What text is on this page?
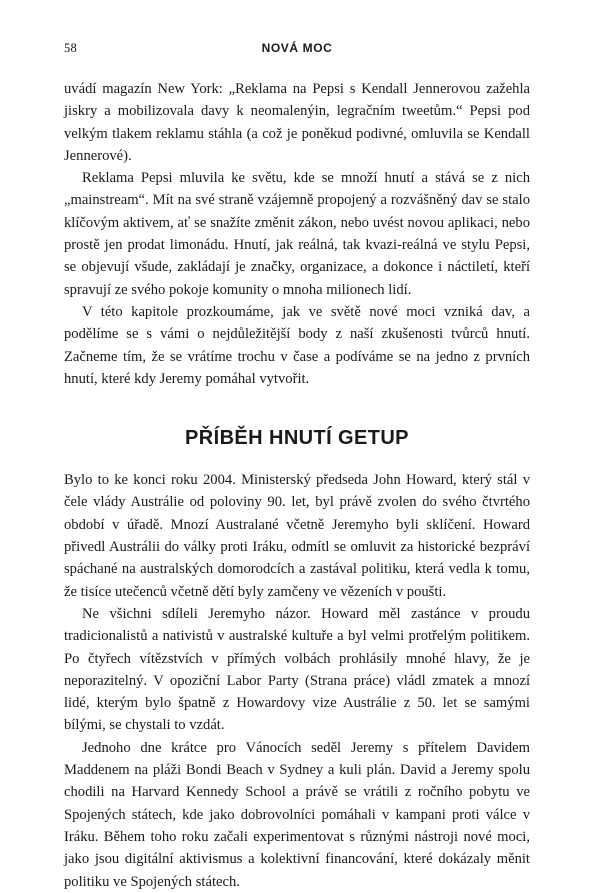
58	NOVÁ MOC

uvádí magazín New York: „Reklama na Pepsi s Kendall Jennerovou zažehla jiskry a mobilizovala davy k neomalenýin, legračním tweetům.“ Pepsi pod velkým tlakem reklamu stáhla (a což je poněkud podivné, omluvila se Kendall Jennerové).

Reklama Pepsi mluvila ke světu, kde se množí hnutí a stává se z nich „mainstream“. Mít na své straně vzájemně propojený a rozvášněný dav se stalo klíčovým aktivem, ať se snažíte změnit zákon, nebo uvést novou aplikaci, nebo prostě jen prodat limonádu. Hnutí, jak reálná, tak kvazi-reálná ve stylu Pepsi, se objevují všude, zakládají je značky, organizace, a dokonce i náctiletí, kteří spravují ze svého pokoje komunity o mnoha milionech lidí.

V této kapitole prozkoumáme, jak ve světě nové moci vzniká dav, a podělíme se s vámi o nejdůležitější body z naší zkušenosti tvůrců hnutí. Začneme tím, že se vrátíme trochu v čase a podíváme se na jedno z prvních hnutí, které kdy Jeremy pomáhal vytvořit.

PŘÍBĚH HNUTÍ GETUP

Bylo to ke konci roku 2004. Ministerský předseda John Howard, který stál v čele vlády Austrálie od poloviny 90. let, byl právě zvolen do svého čtvrtého období v úřadě. Mnozí Australané včetně Jeremyho byli sklíčení. Howard přivedl Austrálii do války proti Iráku, odmítl se omluvit za historické bezpráví spáchané na australských domorodcích a zastával politiku, která vedla k tomu, že tisíce utečenců včetně dětí byly zamčeny ve vězeních v poušti.

Ne všichni sdíleli Jeremyho názor. Howard měl zastánce v proudu tradicionalistů a nativistů v australské kultuře a byl velmi protřelým politikem. Po čtyřech vítězstvích v přímých volbách prohlásily mnohé hlavy, že je neporazitelný. V opoziční Labor Party (Strana práce) vládl zmatek a mnozí lidé, kterým bylo špatně z Howardovy vize Austrálie z 50. let se samými bílými, se chystali to vzdát.

Jednoho dne krátce pro Vánocích seděl Jeremy s přítelem Davidem Maddenem na pláži Bondi Beach v Sydney a kuli plán. David a Jeremy spolu chodili na Harvard Kennedy School a právě se vrátili z ročního pobytu ve Spojených státech, kde jako dobrovolníci pomáhali v kampani proti válce v Iráku. Během toho roku začali experimentovat s různými nástroji nové moci, jako jsou digitální aktivismus a kolektivní financování, které dokázaly měnit politiku ve Spojených státech.
